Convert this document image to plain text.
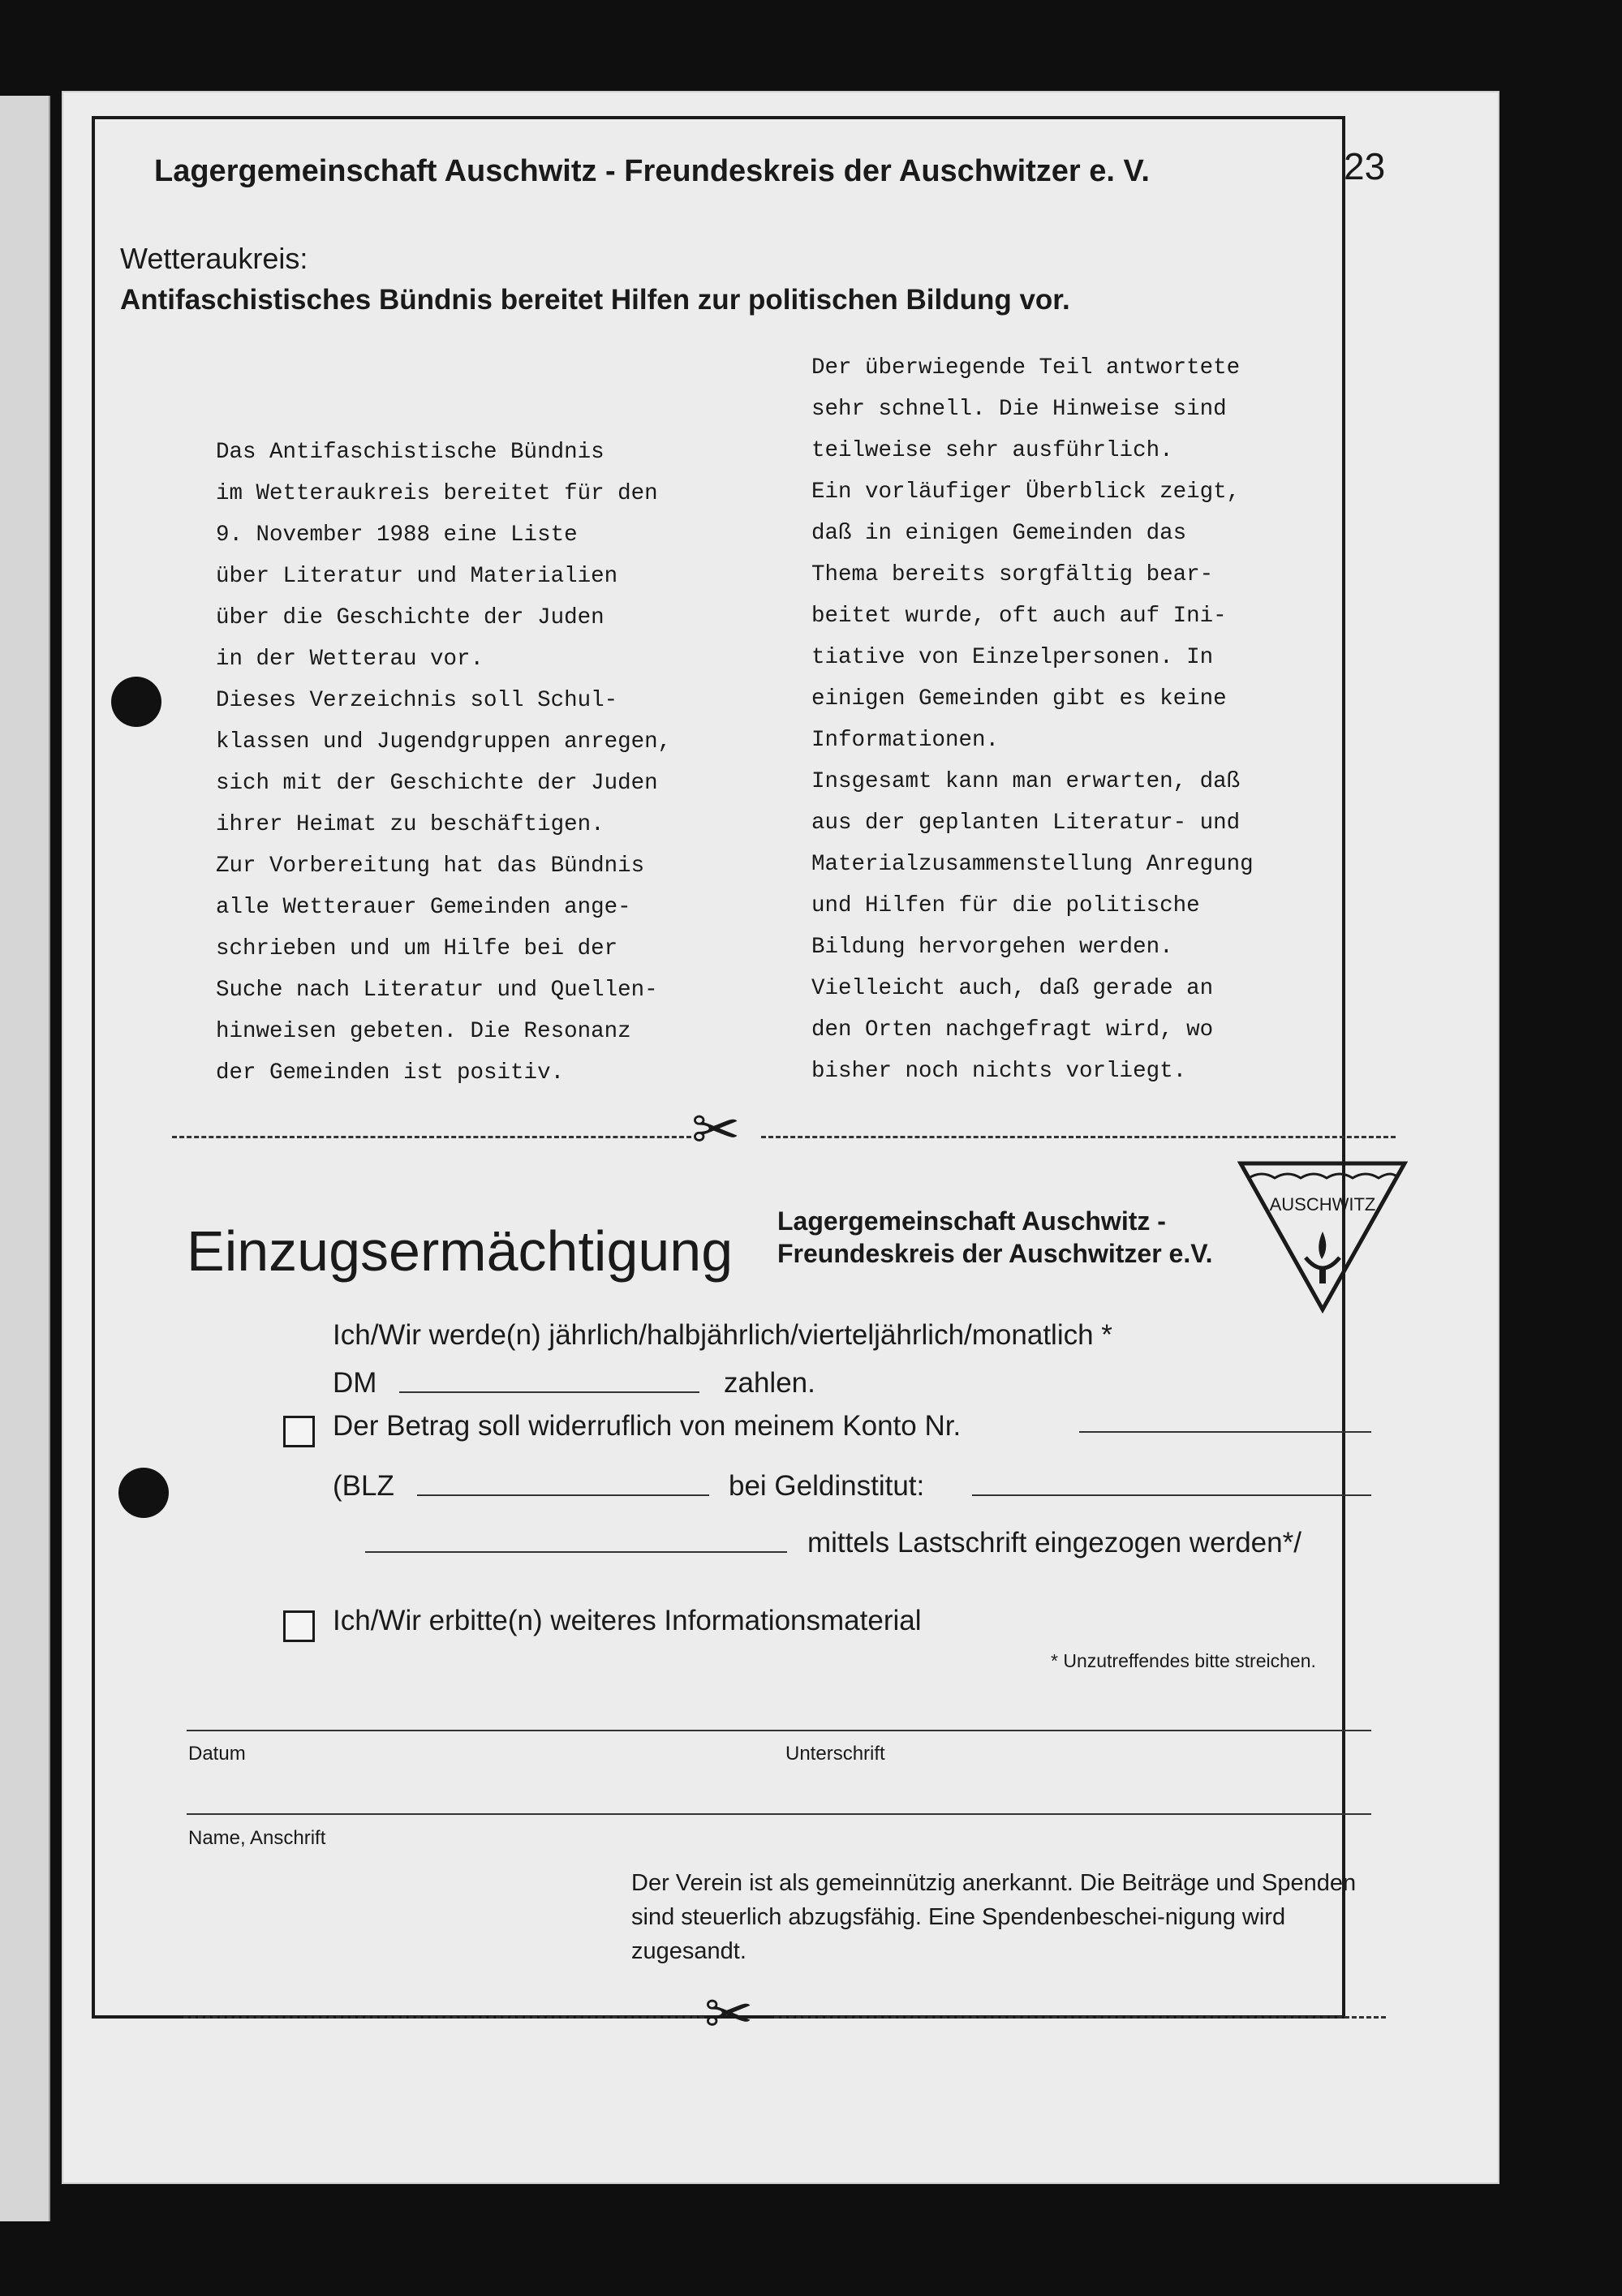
Lagergemeinschaft Auschwitz - Freundeskreis der Auschwitzer e. V.	23
Wetteraukreis:
Antifaschistisches Bündnis bereitet Hilfen zur politischen Bildung vor.
Das Antifaschistische Bündnis
im Wetteraukreis bereitet für den
9. November 1988 eine Liste
über Literatur und Materialien
über die Geschichte der Juden
in der Wetterau vor.
Dieses Verzeichnis soll Schul-
klassen und Jugendgruppen anregen,
sich mit der Geschichte der Juden
ihrer Heimat zu beschäftigen.
Zur Vorbereitung hat das Bündnis
alle Wetterauer Gemeinden ange-
schrieben und um Hilfe bei der
Suche nach Literatur und Quellen-
hinweisen gebeten. Die Resonanz
der Gemeinden ist positiv.
Der überwiegende Teil antwortete
sehr schnell. Die Hinweise sind
teilweise sehr ausführlich.
Ein vorläufiger Überblick zeigt,
daß in einigen Gemeinden das
Thema bereits sorgfältig bear-
beitet wurde, oft auch auf Ini-
tiative von Einzelpersonen. In
einigen Gemeinden gibt es keine
Informationen.
Insgesamt kann man erwarten, daß
aus der geplanten Literatur- und
Materialzusammenstellung Anregung
und Hilfen für die politische
Bildung hervorgehen werden.
Vielleicht auch, daß gerade an
den Orten nachgefragt wird, wo
bisher noch nichts vorliegt.
✂
Einzugsermächtigung Lagergemeinschaft Auschwitz -
Freundeskreis der Auschwitzer e.V.
AUSCHWITZ
Ich/Wir werde(n) jährlich/halbjährlich/vierteljährlich/monatlich *
DM	zahlen.
Der Betrag soll widerruflich von meinem Konto Nr.
(BLZ	bei Geldinstitut:
mittels Lastschrift eingezogen werden*/
Ich/Wir erbitte(n) weiteres Informationsmaterial
* Unzutreffendes bitte streichen.
Datum	Unterschrift
Name, Anschrift
Der Verein ist als gemeinnützig anerkannt. Die Beiträge und Spenden sind steuerlich abzugsfähig. Eine Spendenbeschei-nigung wird zugesandt.
✂
